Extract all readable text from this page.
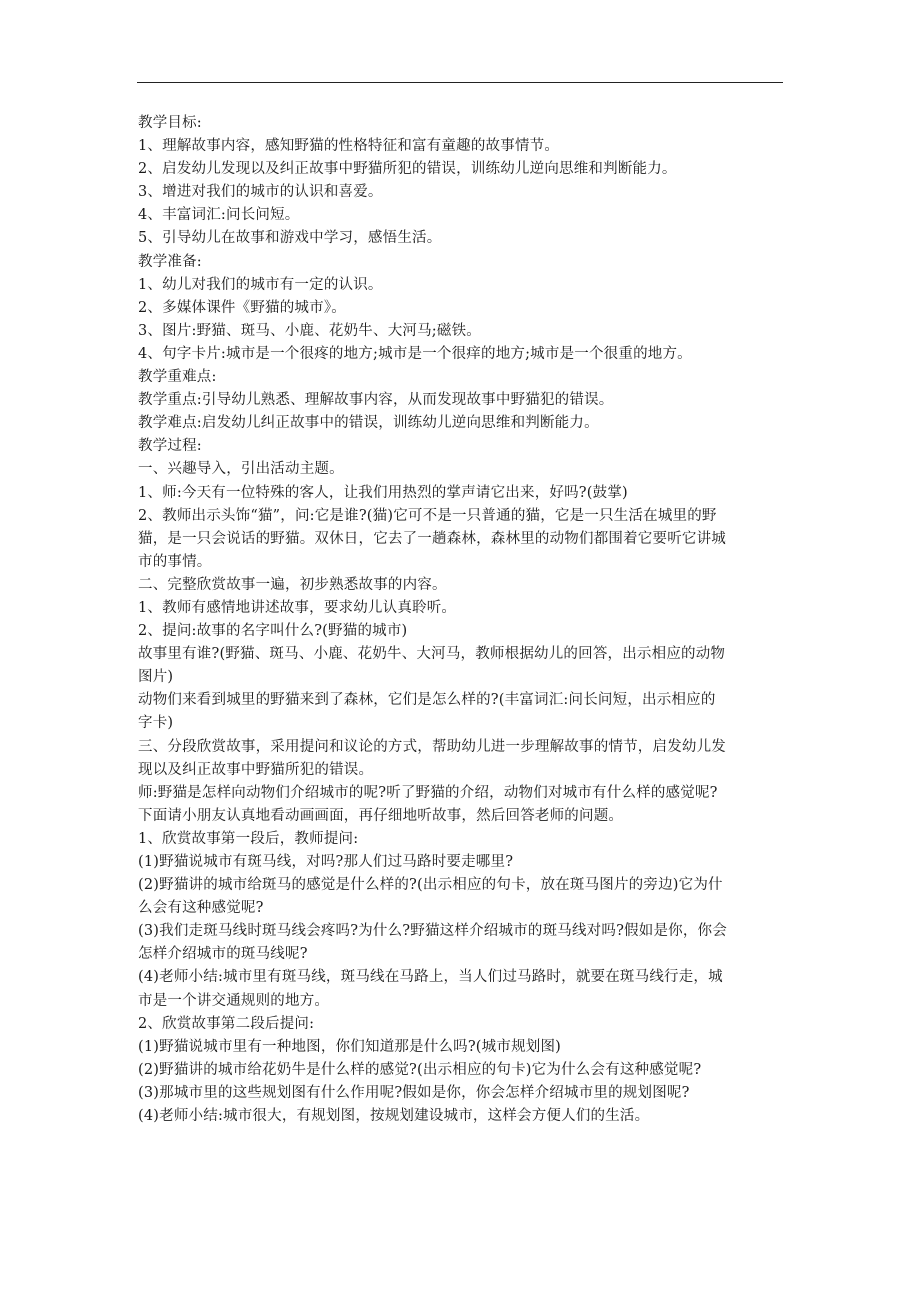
教学目标:
1、理解故事内容，感知野猫的性格特征和富有童趣的故事情节。
2、启发幼儿发现以及纠正故事中野猫所犯的错误，训练幼儿逆向思维和判断能力。
3、增进对我们的城市的认识和喜爱。
4、丰富词汇:问长问短。
5、引导幼儿在故事和游戏中学习，感悟生活。
教学准备:
1、幼儿对我们的城市有一定的认识。
2、多媒体课件《野猫的城市》。
3、图片:野猫、斑马、小鹿、花奶牛、大河马;磁铁。
4、句字卡片:城市是一个很疼的地方;城市是一个很痒的地方;城市是一个很重的地方。
教学重难点:
教学重点:引导幼儿熟悉、理解故事内容，从而发现故事中野猫犯的错误。
教学难点:启发幼儿纠正故事中的错误，训练幼儿逆向思维和判断能力。
教学过程:
一、兴趣导入，引出活动主题。
1、师:今天有一位特殊的客人，让我们用热烈的掌声请它出来，好吗?(鼓掌)
2、教师出示头饰“猫”，问:它是谁?(猫)它可不是一只普通的猫，它是一只生活在城里的野
猫，是一只会说话的野猫。双休日，它去了一趟森林，森林里的动物们都围着它要听它讲城
市的事情。
二、完整欣赏故事一遍，初步熟悉故事的内容。
1、教师有感情地讲述故事，要求幼儿认真聆听。
2、提问:故事的名字叫什么?(野猫的城市)
故事里有谁?(野猫、斑马、小鹿、花奶牛、大河马，教师根据幼儿的回答，出示相应的动物
图片)
动物们来看到城里的野猫来到了森林，它们是怎么样的?(丰富词汇:问长问短，出示相应的
字卡)
三、分段欣赏故事，采用提问和议论的方式，帮助幼儿进一步理解故事的情节，启发幼儿发
现以及纠正故事中野猫所犯的错误。
师:野猫是怎样向动物们介绍城市的呢?听了野猫的介绍，动物们对城市有什么样的感觉呢?
下面请小朋友认真地看动画画面，再仔细地听故事，然后回答老师的问题。
1、欣赏故事第一段后，教师提问:
(1)野猫说城市有斑马线，对吗?那人们过马路时要走哪里?
(2)野猫讲的城市给斑马的感觉是什么样的?(出示相应的句卡，放在斑马图片的旁边)它为什
么会有这种感觉呢?
(3)我们走斑马线时斑马线会疼吗?为什么?野猫这样介绍城市的斑马线对吗?假如是你，你会
怎样介绍城市的斑马线呢?
(4)老师小结:城市里有斑马线，斑马线在马路上，当人们过马路时，就要在斑马线行走，城
市是一个讲交通规则的地方。
2、欣赏故事第二段后提问:
(1)野猫说城市里有一种地图，你们知道那是什么吗?(城市规划图)
(2)野猫讲的城市给花奶牛是什么样的感觉?(出示相应的句卡)它为什么会有这种感觉呢?
(3)那城市里的这些规划图有什么作用呢?假如是你，你会怎样介绍城市里的规划图呢?
(4)老师小结:城市很大，有规划图，按规划建设城市，这样会方便人们的生活。
